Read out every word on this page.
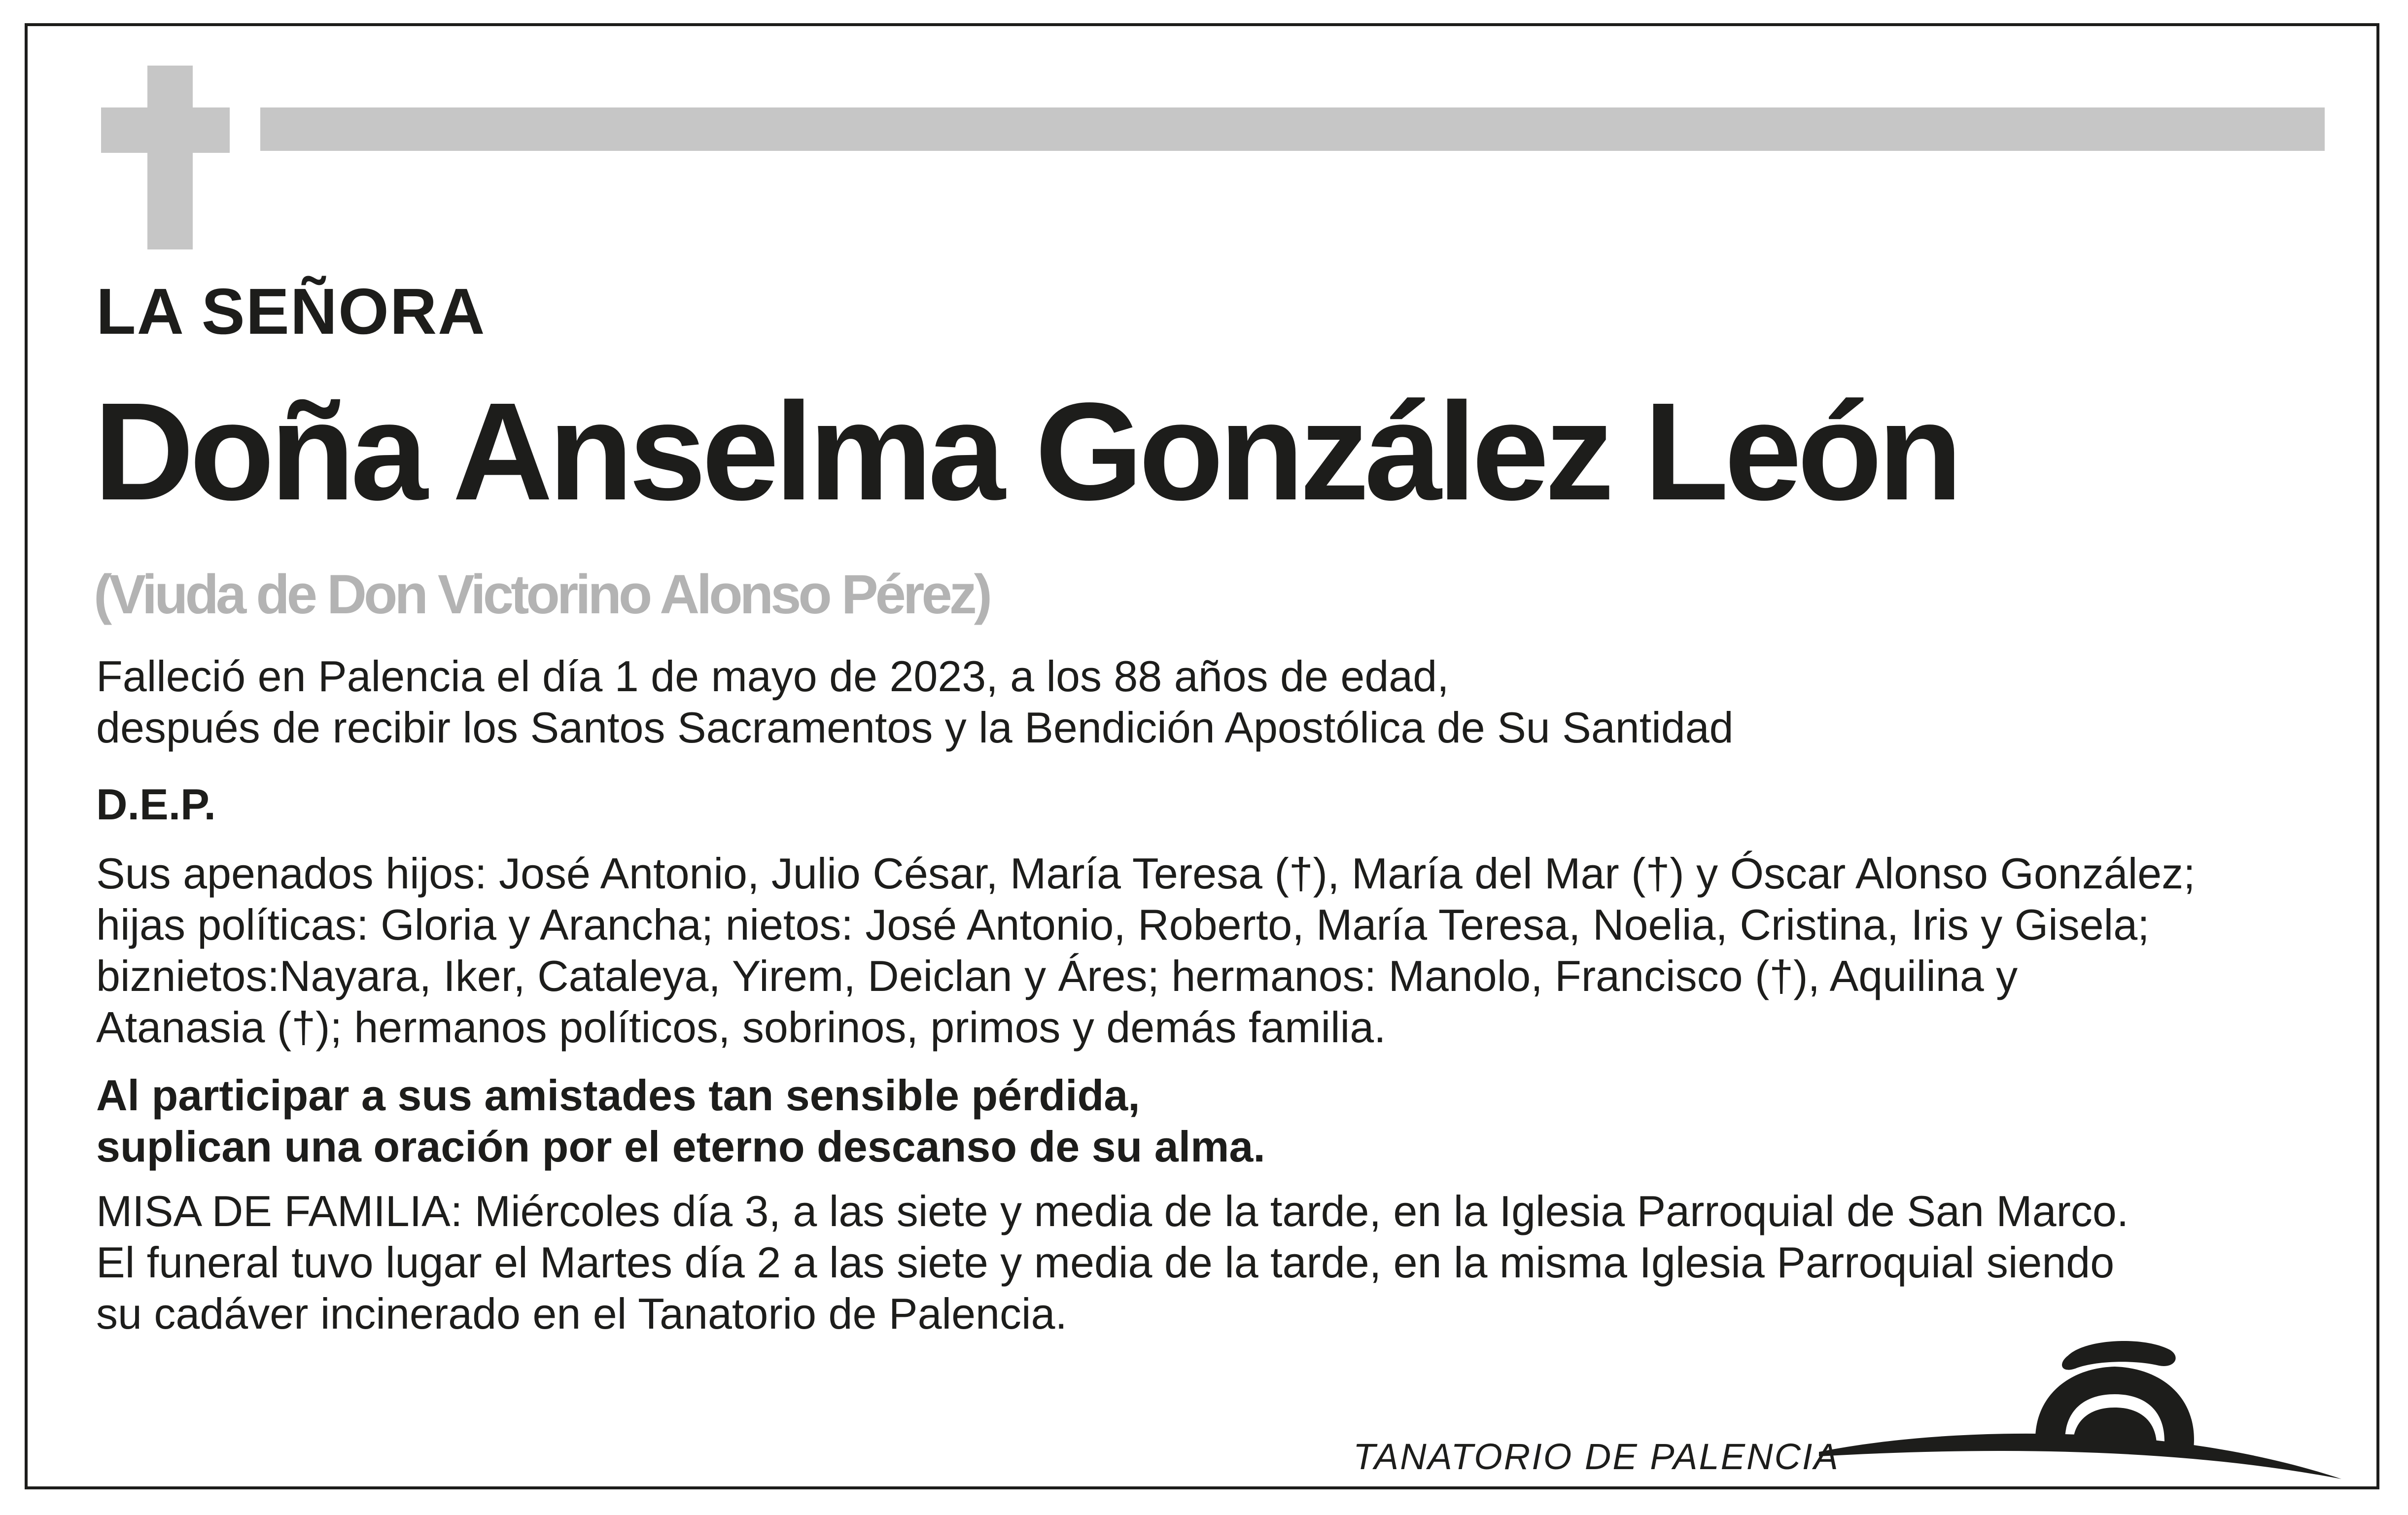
LA SEÑORA
Doña Anselma González León
(Viuda de Don Victorino Alonso Pérez)
Falleció en Palencia el día 1 de mayo de 2023, a los 88 años de edad,
después de recibir los Santos Sacramentos y la Bendición Apostólica de Su Santidad
D.E.P.
Sus apenados hijos: José Antonio, Julio César, María Teresa (†), María del Mar (†) y Óscar Alonso González;
hijas políticas: Gloria y Arancha; nietos: José Antonio, Roberto, María Teresa, Noelia, Cristina, Iris y Gisela;
biznietos:Nayara, Iker, Cataleya, Yirem, Deiclan y Áres; hermanos: Manolo, Francisco (†), Aquilina y
Atanasia (†); hermanos políticos, sobrinos, primos y demás familia.
Al participar a sus amistades tan sensible pérdida,
suplican una oración por el eterno descanso de su alma.
MISA DE FAMILIA: Miércoles día 3, a las siete y media de la tarde, en la Iglesia Parroquial de San Marco.
El funeral tuvo lugar el Martes día 2 a las siete y media de la tarde, en la misma Iglesia Parroquial siendo
su cadáver incinerado en el Tanatorio de Palencia.
TANATORIO DE PALENCIA
